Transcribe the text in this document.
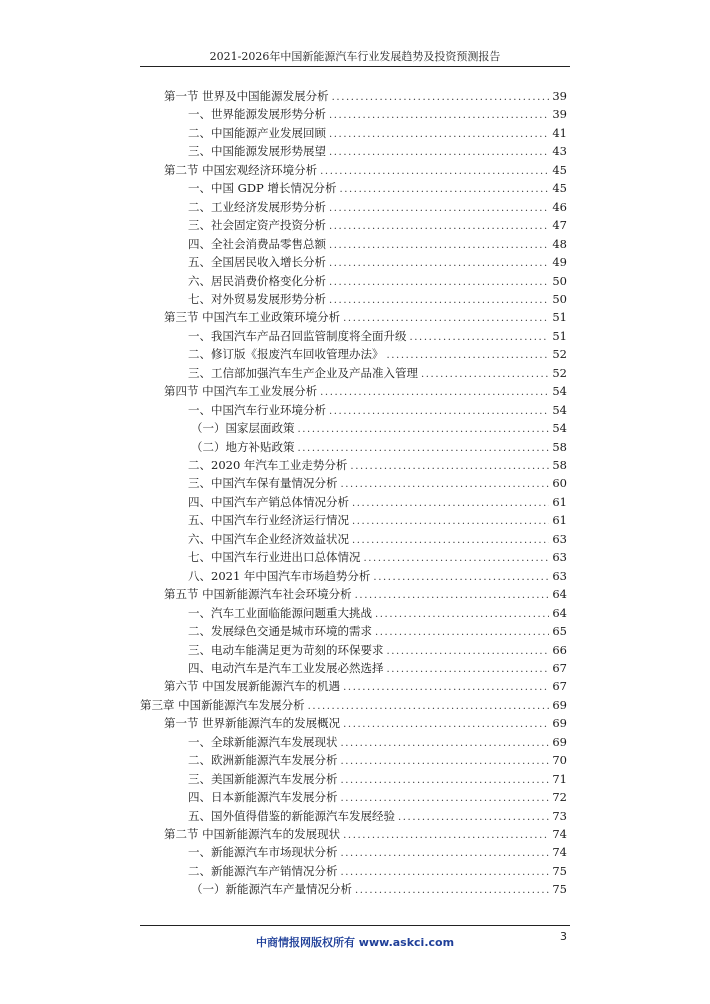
2021-2026年中国新能源汽车行业发展趋势及投资预测报告
第一节 世界及中国能源发展分析 .....	39
一、世界能源发展形势分析 .....	39
二、中国能源产业发展回顾 .....	41
三、中国能源发展形势展望 .....	43
第二节 中国宏观经济环境分析 .....	45
一、中国 GDP 增长情况分析 .....	45
二、工业经济发展形势分析 .....	46
三、社会固定资产投资分析 .....	47
四、全社会消费品零售总额 .....	48
五、全国居民收入增长分析 .....	49
六、居民消费价格变化分析 .....	50
七、对外贸易发展形势分析 .....	50
第三节 中国汽车工业政策环境分析 .....	51
一、我国汽车产品召回监管制度将全面升级 .....	51
二、修订版《报废汽车回收管理办法》 .....	52
三、工信部加强汽车生产企业及产品准入管理 .....	52
第四节 中国汽车工业发展分析 .....	54
一、中国汽车行业环境分析 .....	54
（一）国家层面政策 .....	54
（二）地方补贴政策 .....	58
二、2020 年汽车工业走势分析 .....	58
三、中国汽车保有量情况分析 .....	60
四、中国汽车产销总体情况分析 .....	61
五、中国汽车行业经济运行情况 .....	61
六、中国汽车企业经济效益状况 .....	63
七、中国汽车行业进出口总体情况 .....	63
八、2021 年中国汽车市场趋势分析 .....	63
第五节 中国新能源汽车社会环境分析 .....	64
一、汽车工业面临能源问题重大挑战 .....	64
二、发展绿色交通是城市环境的需求 .....	65
三、电动车能满足更为苛刻的环保要求 .....	66
四、电动汽车是汽车工业发展必然选择 .....	67
第六节 中国发展新能源汽车的机遇 .....	67
第三章 中国新能源汽车发展分析 .....	69
第一节 世界新能源汽车的发展概况 .....	69
一、全球新能源汽车发展现状 .....	69
二、欧洲新能源汽车发展分析 .....	70
三、美国新能源汽车发展分析 .....	71
四、日本新能源汽车发展分析 .....	72
五、国外值得借鉴的新能源汽车发展经验 .....	73
第二节 中国新能源汽车的发展现状 .....	74
一、新能源汽车市场现状分析 .....	74
二、新能源汽车产销情况分析 .....	75
（一）新能源汽车产量情况分析 .....	75
中商情报网版权所有 www.askci.com	3
